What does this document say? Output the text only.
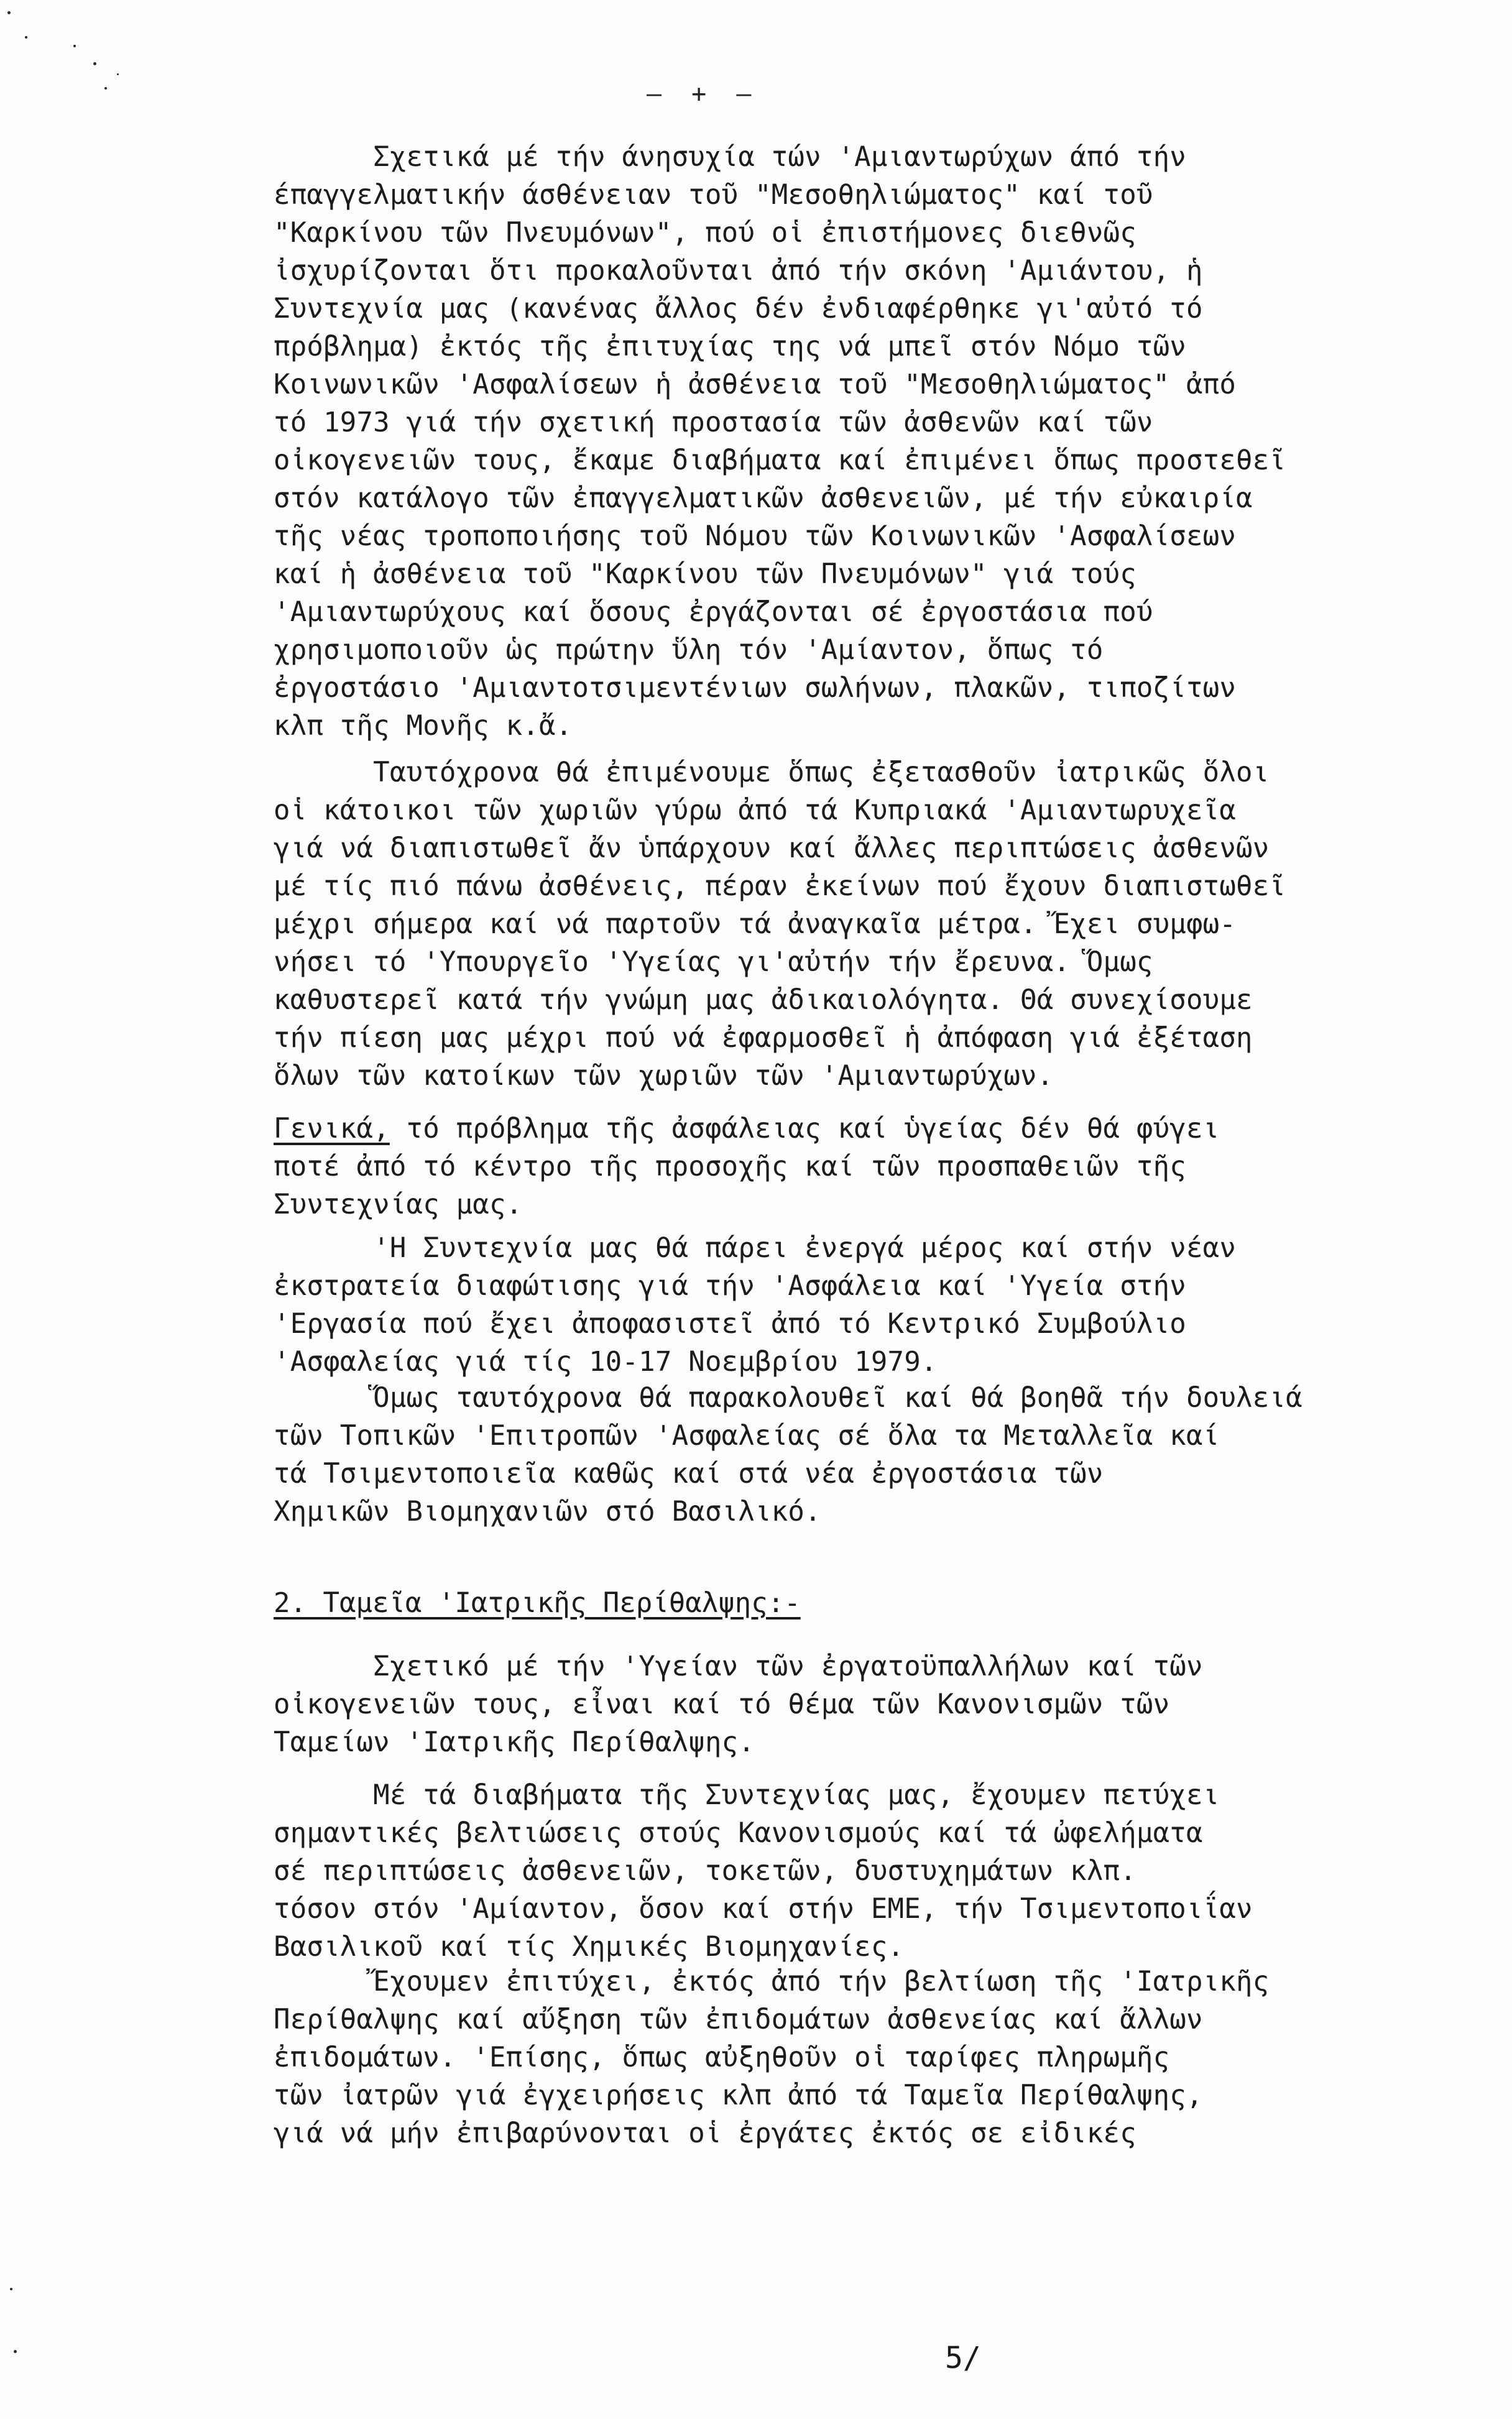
– + –
Σχετικά μέ τήν άνησυχία τών 'Αμιαντωρύχων άπό τήν
έπαγγελματικήν άσθένειαν τοῦ "Μεσοθηλιώματος" καί τοῦ
"Καρκίνου τῶν Πνευμόνων", πού οἱ ἐπιστήμονες διεθνῶς
ἰσχυρίζονται ὅτι προκαλοῦνται ἀπό τήν σκόνη 'Αμιάντου, ἡ
Συντεχνία μας (κανένας ἄλλος δέν ἐνδιαφέρθηκε γι'αὐτό τό
πρόβλημα) ἐκτός τῆς ἐπιτυχίας της νά μπεῖ στόν Νόμο τῶν
Κοινωνικῶν 'Ασφαλίσεων ἡ ἀσθένεια τοῦ "Μεσοθηλιώματος" ἀπό
τό 1973 γιά τήν σχετική προστασία τῶν ἀσθενῶν καί τῶν
οἰκογενειῶν τους, ἔκαμε διαβήματα καί ἐπιμένει ὅπως προστεθεῖ
στόν κατάλογο τῶν ἐπαγγελματικῶν ἀσθενειῶν, μέ τήν εὐκαιρία
τῆς νέας τροποποιήσης τοῦ Νόμου τῶν Κοινωνικῶν 'Ασφαλίσεων
καί ἡ ἀσθένεια τοῦ "Καρκίνου τῶν Πνευμόνων" γιά τούς
'Αμιαντωρύχους καί ὅσους ἐργάζονται σέ ἐργοστάσια πού
χρησιμοποιοῦν ὡς πρώτην ὕλη τόν 'Αμίαντον, ὅπως τό
ἐργοστάσιο 'Αμιαντοτσιμεντένιων σωλήνων, πλακῶν, τιποζίτων
κλπ τῆς Μονῆς κ.ἄ.
Ταυτόχρονα θά ἐπιμένουμε ὅπως ἐξετασθοῦν ἰατρικῶς ὅλοι
οἱ κάτοικοι τῶν χωριῶν γύρω ἀπό τά Κυπριακά 'Αμιαντωρυχεῖα
γιά νά διαπιστωθεῖ ἄν ὑπάρχουν καί ἄλλες περιπτώσεις ἀσθενῶν
μέ τίς πιό πάνω ἀσθένεις, πέραν ἐκείνων πού ἔχουν διαπιστωθεῖ
μέχρι σήμερα καί νά παρτοῦν τά ἀναγκαῖα μέτρα. Ἔχει συμφω-
νήσει τό 'Υπουργεῖο 'Υγείας γι'αὐτήν τήν ἔρευνα. Ὅμως
καθυστερεῖ κατά τήν γνώμη μας ἀδικαιολόγητα. Θά συνεχίσουμε
τήν πίεση μας μέχρι πού νά ἐφαρμοσθεῖ ἡ ἀπόφαση γιά ἐξέταση
ὅλων τῶν κατοίκων τῶν χωριῶν τῶν 'Αμιαντωρύχων.
Γενικά, τό πρόβλημα τῆς ἀσφάλειας καί ὑγείας δέν θά φύγει
ποτέ ἀπό τό κέντρο τῆς προσοχῆς καί τῶν προσπαθειῶν τῆς
Συντεχνίας μας.
'Η Συντεχνία μας θά πάρει ἐνεργά μέρος καί στήν νέαν
ἐκστρατεία διαφώτισης γιά τήν 'Ασφάλεια καί 'Υγεία στήν
'Εργασία πού ἔχει ἀποφασιστεῖ ἀπό τό Κεντρικό Συμβούλιο
'Ασφαλείας γιά τίς 10-17 Νοεμβρίου 1979.
Ὅμως ταυτόχρονα θά παρακολουθεῖ καί θά βοηθᾶ τήν δουλειά
τῶν Τοπικῶν 'Επιτροπῶν 'Ασφαλείας σέ ὅλα τα Μεταλλεῖα καί
τά Τσιμεντοποιεῖα καθῶς καί στά νέα ἐργοστάσια τῶν
Χημικῶν Βιομηχανιῶν στό Βασιλικό.
2. Ταμεῖα 'Ιατρικῆς Περίθαλψης:-
Σχετικό μέ τήν 'Υγείαν τῶν ἐργατοϋπαλλήλων καί τῶν
οἰκογενειῶν τους, εἶναι καί τό θέμα τῶν Κανονισμῶν τῶν
Ταμείων 'Ιατρικῆς Περίθαλψης.
Μέ τά διαβήματα τῆς Συντεχνίας μας, ἔχουμεν πετύχει
σημαντικές βελτιώσεις στούς Κανονισμούς καί τά ὠφελήματα
σέ περιπτώσεις ἀσθενειῶν, τοκετῶν, δυστυχημάτων κλπ.
τόσον στόν 'Αμίαντον, ὅσον καί στήν ΕΜΕ, τήν Τσιμεντοποιΐαν
Βασιλικοῦ καί τίς Χημικές Βιομηχανίες.
Ἔχουμεν ἐπιτύχει, ἐκτός ἀπό τήν βελτίωση τῆς 'Ιατρικῆς
Περίθαλψης καί αὔξηση τῶν ἐπιδομάτων ἀσθενείας καί ἄλλων
ἐπιδομάτων. 'Επίσης, ὅπως αὐξηθοῦν οἱ ταρίφες πληρωμῆς
τῶν ἰατρῶν γιά ἐγχειρήσεις κλπ ἀπό τά Ταμεῖα Περίθαλψης,
γιά νά μήν ἐπιβαρύνονται οἱ ἐργάτες ἐκτός σε εἰδικές
5/
